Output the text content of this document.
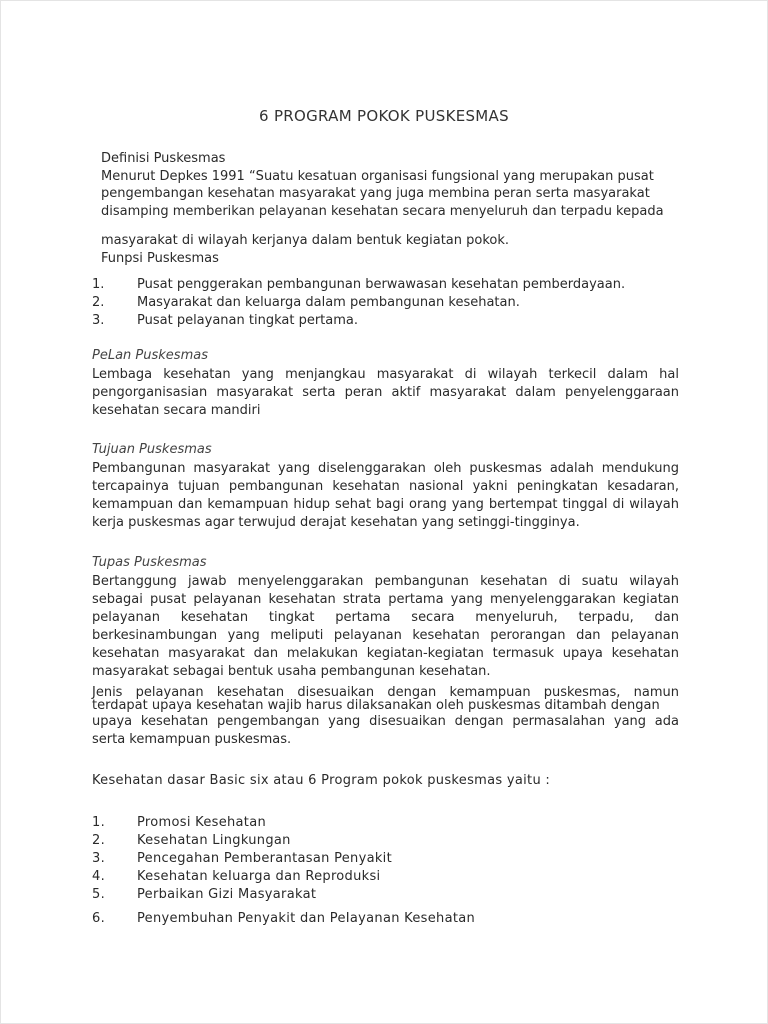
6 PROGRAM POKOK PUSKESMAS
Definisi Puskesmas
Menurut Depkes 1991 “Suatu kesatuan organisasi fungsional yang merupakan pusat
pengembangan kesehatan masyarakat yang juga membina peran serta masyarakat
disamping memberikan pelayanan kesehatan secara menyeluruh dan terpadu kepada
masyarakat di wilayah kerjanya dalam bentuk kegiatan pokok.
Funpsi Puskesmas
1.	Pusat penggerakan pembangunan berwawasan kesehatan pemberdayaan.
2.	Masyarakat dan keluarga dalam pembangunan kesehatan.
3.	Pusat pelayanan tingkat pertama.
PeLan Puskesmas
Lembaga kesehatan yang menjangkau masyarakat di wilayah terkecil dalam hal
pengorganisasian masyarakat serta peran aktif masyarakat dalam penyelenggaraan
kesehatan secara mandiri
Tujuan Puskesmas
Pembangunan masyarakat yang diselenggarakan oleh puskesmas adalah mendukung
tercapainya tujuan pembangunan kesehatan nasional yakni peningkatan kesadaran,
kemampuan dan kemampuan hidup sehat bagi orang yang bertempat tinggal di wilayah
kerja puskesmas agar terwujud derajat kesehatan yang setinggi-tingginya.
Tupas Puskesmas
Bertanggung jawab menyelenggarakan pembangunan kesehatan di suatu wilayah
sebagai pusat pelayanan kesehatan strata pertama yang menyelenggarakan kegiatan
pelayanan kesehatan tingkat pertama secara menyeluruh, terpadu, dan
berkesinambungan yang meliputi pelayanan kesehatan perorangan dan pelayanan
kesehatan masyarakat dan melakukan kegiatan-kegiatan termasuk upaya kesehatan
masyarakat sebagai bentuk usaha pembangunan kesehatan.
Jenis pelayanan kesehatan disesuaikan dengan kemampuan puskesmas, namun
terdapat upaya kesehatan wajib harus dilaksanakan oleh puskesmas ditambah dengan
upaya kesehatan pengembangan yang disesuaikan dengan permasalahan yang ada
serta kemampuan puskesmas.
Kesehatan dasar Basic six atau 6 Program pokok puskesmas yaitu :
1.	Promosi Kesehatan
2.	Kesehatan Lingkungan
3.	Pencegahan Pemberantasan Penyakit
4.	Kesehatan keIuarga dan Reproduksi
5.	Perbaikan Gizi Masyarakat
6.	Penyembuhan Penyakit dan PeIayanan Kesehatan
